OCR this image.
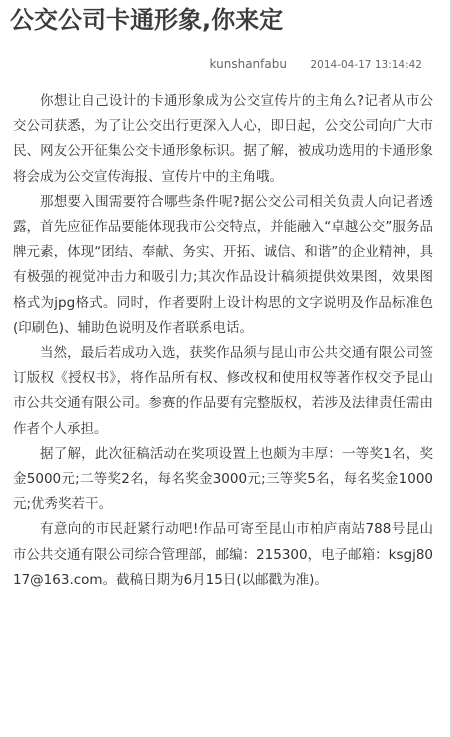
公交公司卡通形象,你来定
kunshanfabu 2014-04-17 13:14:42

你想让自己设计的卡通形象成为公交宣传片的主角么?记者从市公交公司获悉，为了让公交出行更深入人心，即日起，公交公司向广大市民、网友公开征集公交卡通形象标识。据了解，被成功选用的卡通形象将会成为公交宣传海报、宣传片中的主角哦。

那想要入围需要符合哪些条件呢?据公交公司相关负责人向记者透露，首先应征作品要能体现我市公交特点，并能融入“卓越公交”服务品牌元素，体现“团结、奉献、务实、开拓、诚信、和谐”的企业精神，具有极强的视觉冲击力和吸引力;其次作品设计稿须提供效果图，效果图格式为jpg格式。同时，作者要附上设计构思的文字说明及作品标准色(印刷色)、辅助色说明及作者联系电话。

当然，最后若成功入选，获奖作品须与昆山市公共交通有限公司签订版权《授权书》，将作品所有权、修改权和使用权等著作权交予昆山市公共交通有限公司。参赛的作品要有完整版权，若涉及法律责任需由作者个人承担。

据了解，此次征稿活动在奖项设置上也颇为丰厚：一等奖1名，奖金5000元;二等奖2名，每名奖金3000元;三等奖5名，每名奖金1000元;优秀奖若干。

有意向的市民赶紧行动吧!作品可寄至昆山市柏庐南站788号昆山市公共交通有限公司综合管理部，邮编：215300，电子邮箱：ksgj8017@163.com。截稿日期为6月15日(以邮戳为准)。
